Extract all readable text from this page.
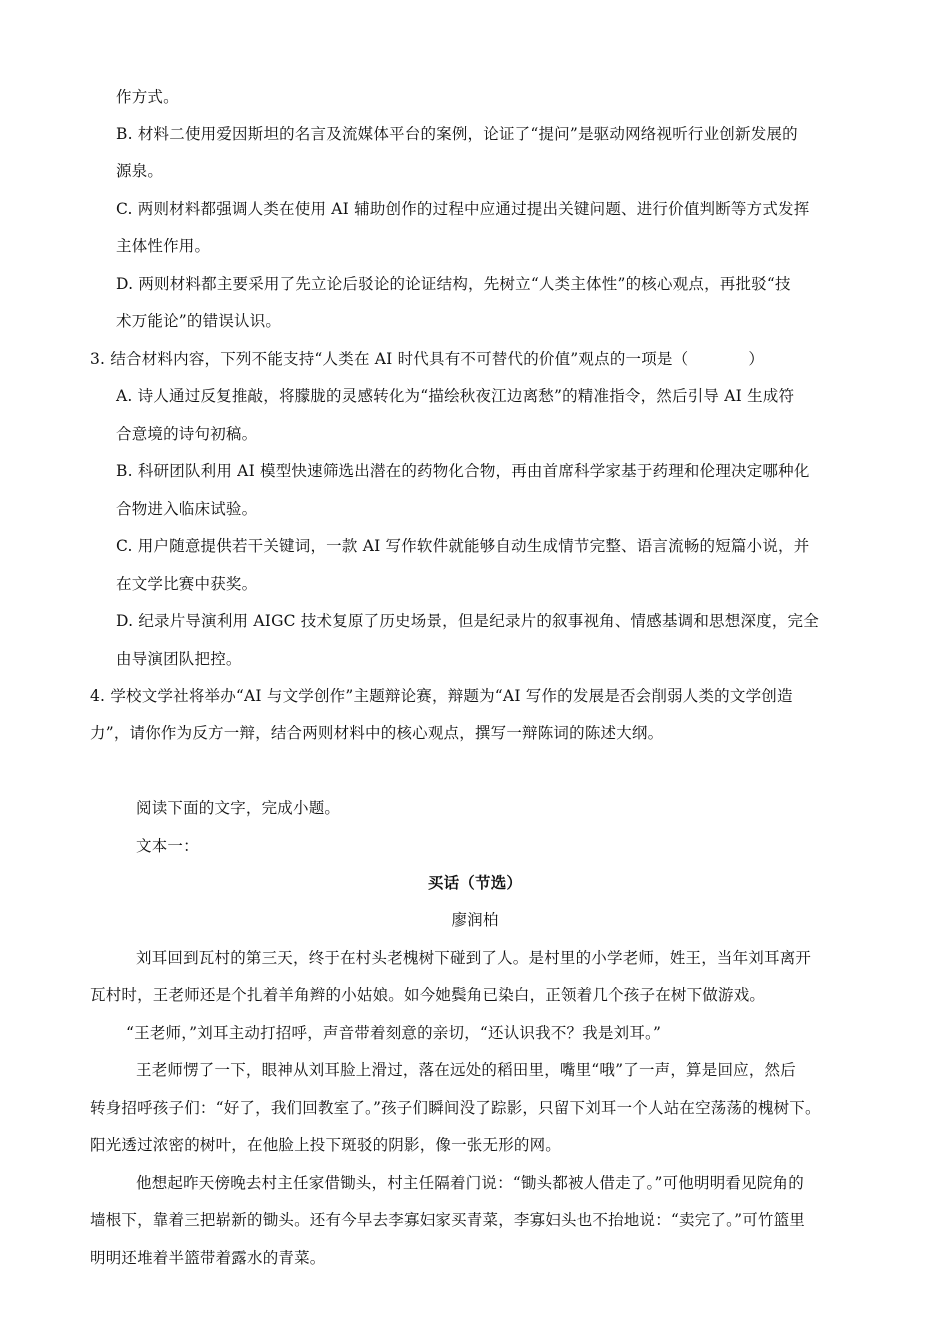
作方式。
B. 材料二使用爱因斯坦的名言及流媒体平台的案例，论证了“提问”是驱动网络视听行业创新发展的
源泉。
C. 两则材料都强调人类在使用 AI 辅助创作的过程中应通过提出关键问题、进行价值判断等方式发挥
主体性作用。
D. 两则材料都主要采用了先立论后驳论的论证结构，先树立“人类主体性”的核心观点，再批驳“技
术万能论”的错误认识。
3. 结合材料内容，下列不能支持“人类在 AI 时代具有不可替代的价值”观点的一项是（	）
A. 诗人通过反复推敲，将朦胧的灵感转化为“描绘秋夜江边离愁”的精准指令，然后引导 AI 生成符
合意境的诗句初稿。
B. 科研团队利用 AI 模型快速筛选出潜在的药物化合物，再由首席科学家基于药理和伦理决定哪种化
合物进入临床试验。
C. 用户随意提供若干关键词，一款 AI 写作软件就能够自动生成情节完整、语言流畅的短篇小说，并
在文学比赛中获奖。
D. 纪录片导演利用 AIGC 技术复原了历史场景，但是纪录片的叙事视角、情感基调和思想深度，完全
由导演团队把控。
4. 学校文学社将举办“AI 与文学创作”主题辩论赛，辩题为“AI 写作的发展是否会削弱人类的文学创造
力”，请你作为反方一辩，结合两则材料中的核心观点，撰写一辩陈词的陈述大纲。
阅读下面的文字，完成小题。
文本一：
买话（节选）
廖润柏
刘耳回到瓦村的第三天，终于在村头老槐树下碰到了人。是村里的小学老师，姓王，当年刘耳离开
瓦村时，王老师还是个扎着羊角辫的小姑娘。如今她鬓角已染白，正领着几个孩子在树下做游戏。
“王老师，”刘耳主动打招呼，声音带着刻意的亲切，“还认识我不？我是刘耳。”
王老师愣了一下，眼神从刘耳脸上滑过，落在远处的稻田里，嘴里“哦”了一声，算是回应，然后
转身招呼孩子们：“好了，我们回教室了。”孩子们瞬间没了踪影，只留下刘耳一个人站在空荡荡的槐树下。
阳光透过浓密的树叶，在他脸上投下斑驳的阴影，像一张无形的网。
他想起昨天傍晚去村主任家借锄头，村主任隔着门说：“锄头都被人借走了。”可他明明看见院角的
墙根下，靠着三把崭新的锄头。还有今早去李寡妇家买青菜，李寡妇头也不抬地说：“卖完了。”可竹篮里
明明还堆着半篮带着露水的青菜。
